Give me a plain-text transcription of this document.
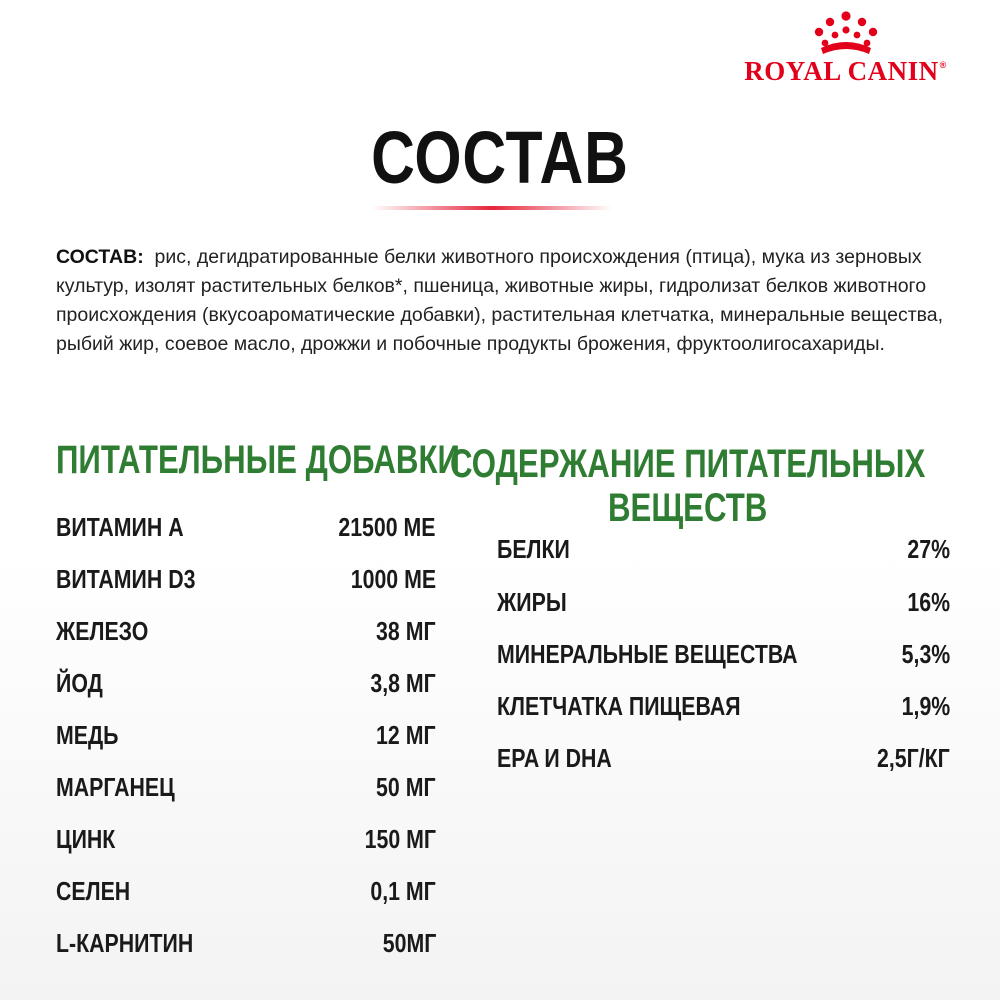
ROYAL CANIN®
СОСТАВ
СОСТАВ: рис, дегидратированные белки животного происхождения (птица), мука из зерновых культур, изолят растительных белков*, пшеница, животные жиры, гидролизат белков животного происхождения (вкусоароматические добавки), растительная клетчатка, минеральные вещества, рыбий жир, соевое масло, дрожжи и побочные продукты брожения, фруктоолигосахариды.
ПИТАТЕЛЬНЫЕ ДОБАВКИ
СОДЕРЖАНИЕ ПИТАТЕЛЬНЫХ ВЕЩЕСТВ
ВИТАМИН А	21500 МЕ
ВИТАМИН D3	1000 МЕ
ЖЕЛЕЗО	38 МГ
ЙОД	3,8 МГ
МЕДЬ	12 МГ
МАРГАНЕЦ	50 МГ
ЦИНК	150 МГ
СЕЛЕН	0,1 МГ
L-КАРНИТИН	50МГ
БЕЛКИ	27%
ЖИРЫ	16%
МИНЕРАЛЬНЫЕ ВЕЩЕСТВА	5,3%
КЛЕТЧАТКА ПИЩЕВАЯ	1,9%
EPA И DHA	2,5Г/КГ
